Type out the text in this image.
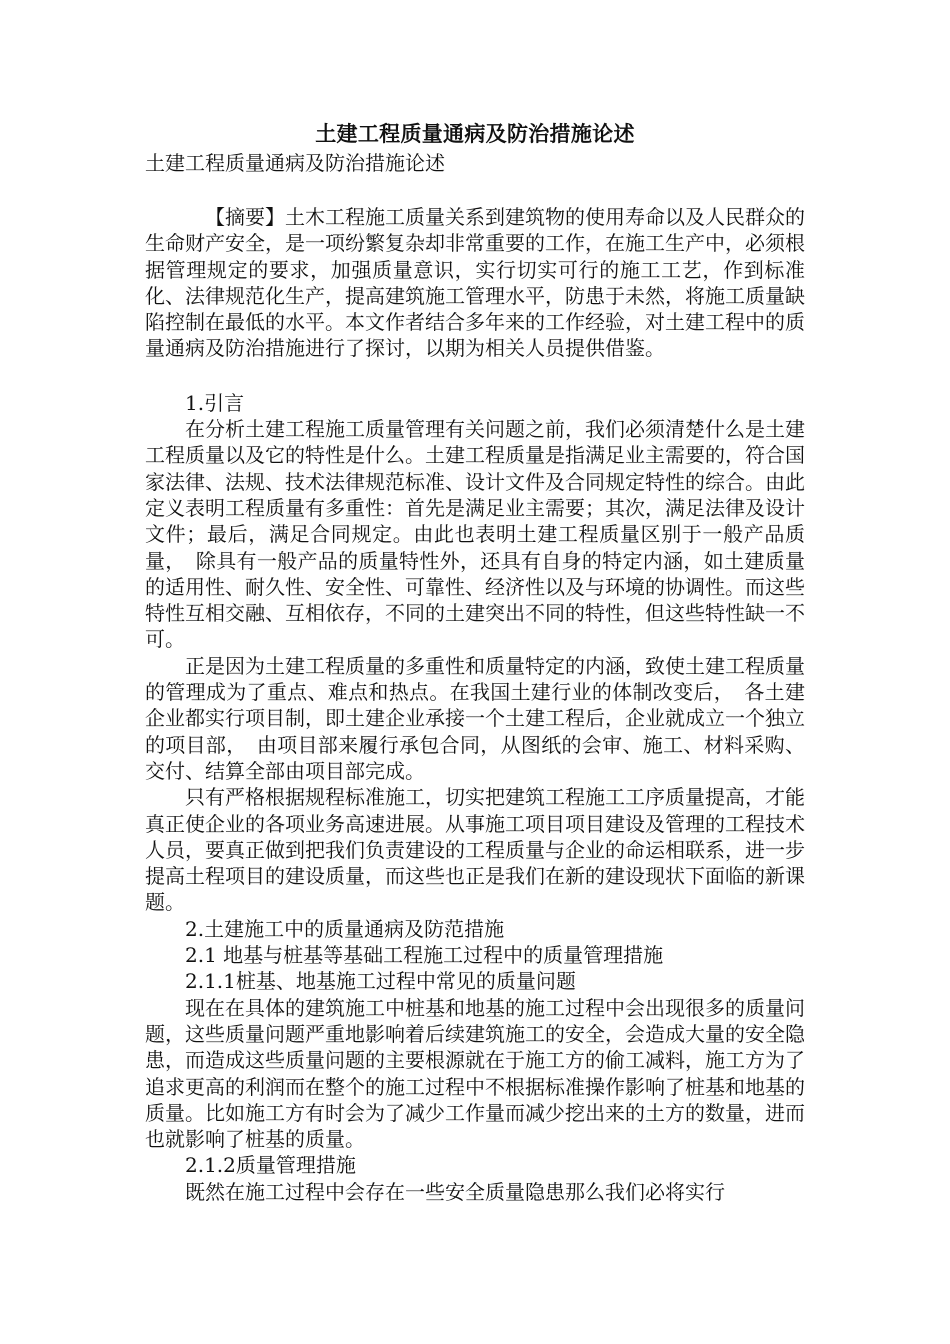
土建工程质量通病及防治措施论述

土建工程质量通病及防治措施论述

【摘要】土木工程施工质量关系到建筑物的使用寿命以及人民群众的生命财产安全，是一项纷繁复杂却非常重要的工作，在施工生产中，必须根据管理规定的要求，加强质量意识，实行切实可行的施工工艺，作到标准化、法律规范化生产，提高建筑施工管理水平，防患于未然，将施工质量缺陷控制在最低的水平。本文作者结合多年来的工作经验，对土建工程中的质量通病及防治措施进行了探讨，以期为相关人员提供借鉴。

1.引言

在分析土建工程施工质量管理有关问题之前，我们必须清楚什么是土建工程质量以及它的特性是什么。土建工程质量是指满足业主需要的，符合国家法律、法规、技术法律规范标准、设计文件及合同规定特性的综合。由此定义表明工程质量有多重性：首先是满足业主需要；其次，满足法律及设计文件；最后，满足合同规定。由此也表明土建工程质量区别于一般产品质量，　除具有一般产品的质量特性外，还具有自身的特定内涵，如土建质量的适用性、耐久性、安全性、可靠性、经济性以及与环境的协调性。而这些特性互相交融、互相依存，不同的土建突出不同的特性，但这些特性缺一不可。

正是因为土建工程质量的多重性和质量特定的内涵，致使土建工程质量的管理成为了重点、难点和热点。在我国土建行业的体制改变后，　各土建企业都实行项目制，即土建企业承接一个土建工程后，企业就成立一个独立的项目部，　由项目部来履行承包合同，从图纸的会审、施工、材料采购、交付、结算全部由项目部完成。

只有严格根据规程标准施工，切实把建筑工程施工工序质量提高，才能真正使企业的各项业务高速进展。从事施工项目项目建设及管理的工程技术人员，要真正做到把我们负责建设的工程质量与企业的命运相联系，进一步提高土程项目的建设质量，而这些也正是我们在新的建设现状下面临的新课题。

2.土建施工中的质量通病及防范措施

2.1 地基与桩基等基础工程施工过程中的质量管理措施

2.1.1桩基、地基施工过程中常见的质量问题

现在在具体的建筑施工中桩基和地基的施工过程中会出现很多的质量问题，这些质量问题严重地影响着后续建筑施工的安全，会造成大量的安全隐患，而造成这些质量问题的主要根源就在于施工方的偷工减料，施工方为了追求更高的利润而在整个的施工过程中不根据标准操作影响了桩基和地基的质量。比如施工方有时会为了减少工作量而减少挖出来的土方的数量，进而也就影响了桩基的质量。

2.1.2质量管理措施

既然在施工过程中会存在一些安全质量隐患那么我们必将实行
